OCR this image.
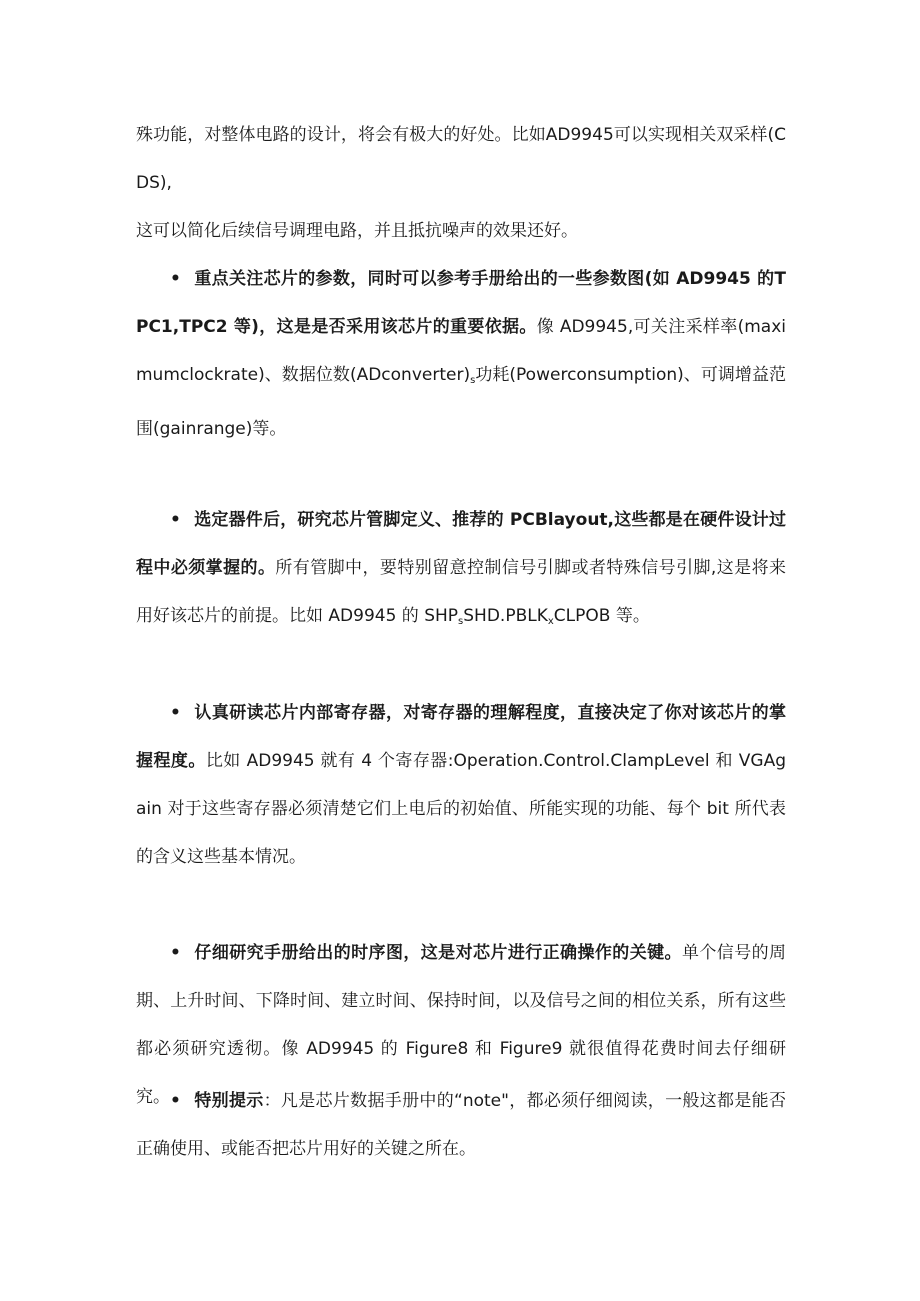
殊功能，对整体电路的设计，将会有极大的好处。比如AD9945可以实现相关双采样(CDS),
这可以简化后续信号调理电路，并且抵抗噪声的效果还好。
• 重点关注芯片的参数，同时可以参考手册给出的一些参数图(如 AD9945 的TPC1,TPC2 等)，这是是否采用该芯片的重要依据。像 AD9945,可关注采样率(maximumclockrate)、数据位数$(ADconverter)_s$功耗(Powerconsumption)、可调增益范围(gainrange)等。
• 选定器件后，研究芯片管脚定义、推荐的 PCBlayout,这些都是在硬件设计过程中必须掌握的。所有管脚中，要特别留意控制信号引脚或者特殊信号引脚,这是将来用好该芯片的前提。比如 AD9945 的 $SHP_sSHD.PBLK_xCLPOB$ 等。
• 认真研读芯片内部寄存器，对寄存器的理解程度，直接决定了你对该芯片的掌握程度。比如 AD9945 就有 4 个寄存器:Operation.Control.ClampLevel 和 VGAgain 对于这些寄存器必须清楚它们上电后的初始值、所能实现的功能、每个 bit 所代表的含义这些基本情况。
• 仔细研究手册给出的时序图，这是对芯片进行正确操作的关键。单个信号的周期、上升时间、下降时间、建立时间、保持时间，以及信号之间的相位关系，所有这些都必须研究透彻。像 AD9945 的 Figure8 和 Figure9 就很值得花费时间去仔细研究。 • 特别提示：凡是芯片数据手册中的“note"，都必须仔细阅读，一般这都是能否正确使用、或能否把芯片用好的关键之所在。
